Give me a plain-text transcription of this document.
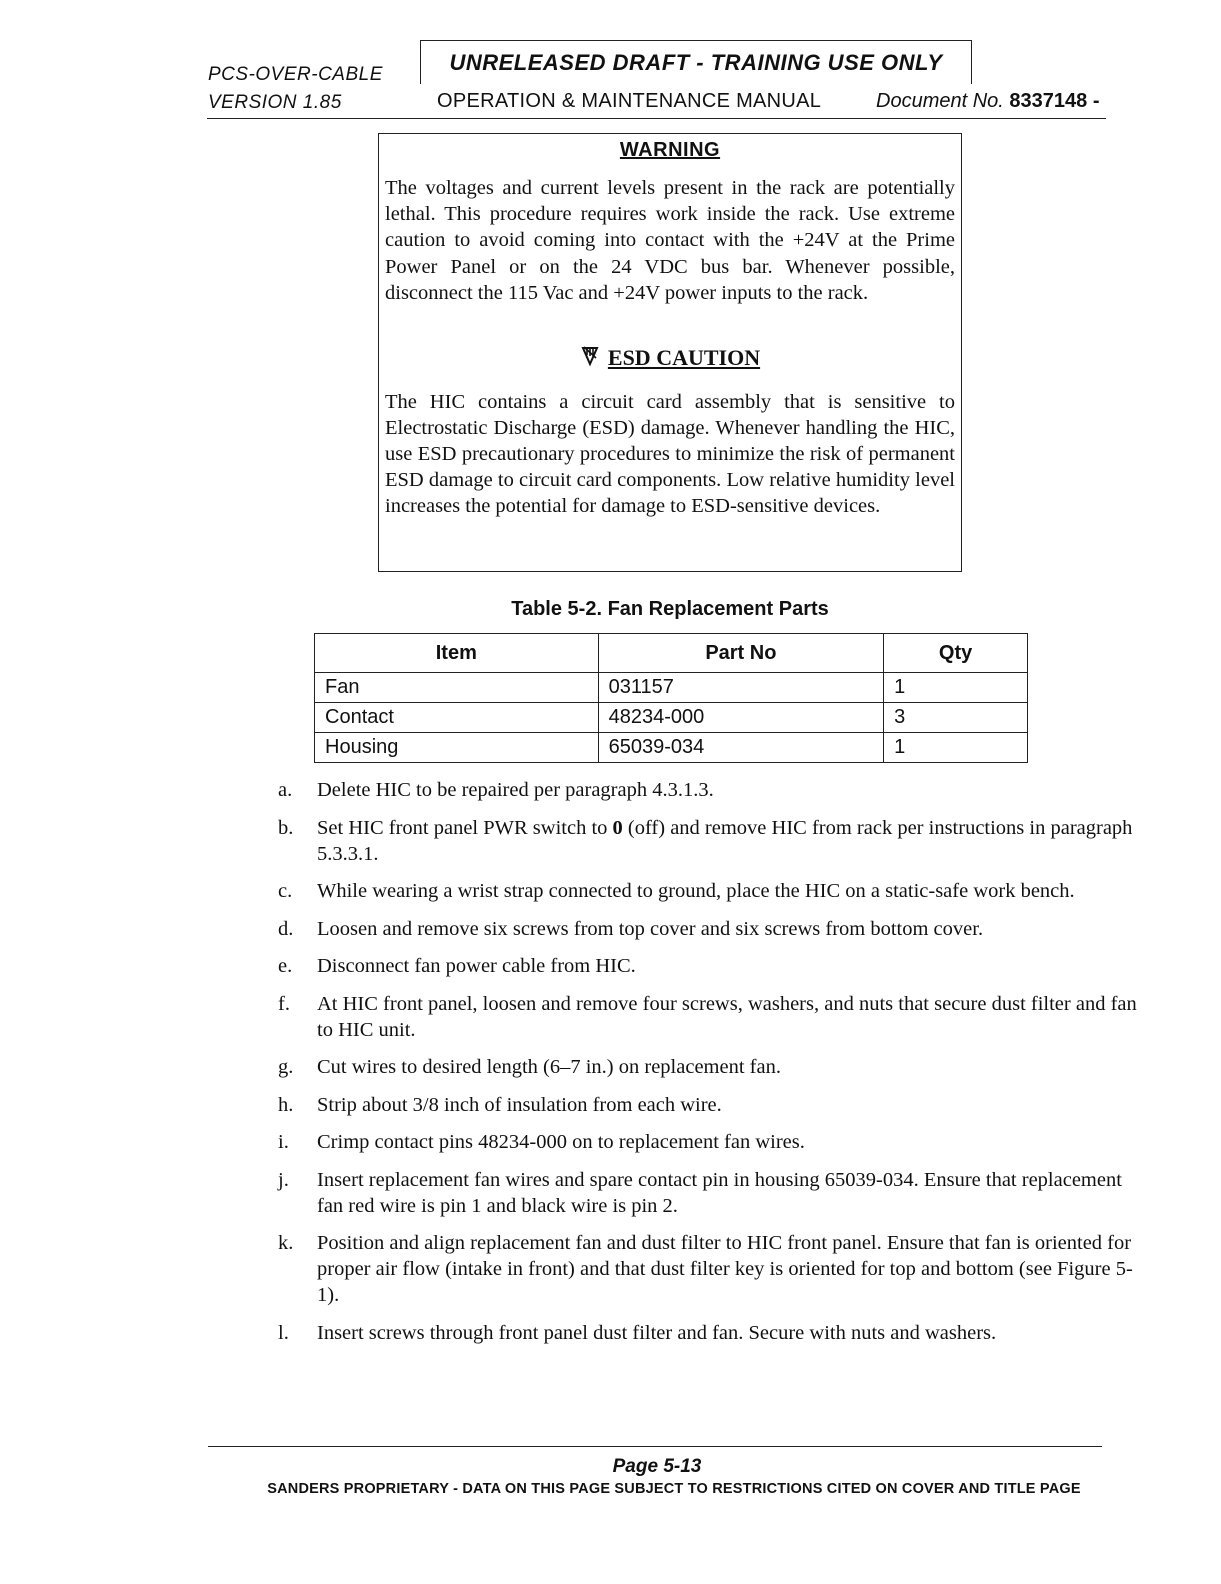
PCS-OVER-CABLE
VERSION 1.85
UNRELEASED DRAFT - TRAINING USE ONLY
OPERATION & MAINTENANCE MANUAL	Document No. 8337148 -
WARNING
ESD CAUTION
The voltages and current levels present in the rack are potentially lethal. This procedure requires work inside the rack. Use extreme caution to avoid coming into contact with the +24V at the Prime Power Panel or on the 24 VDC bus bar. Whenever possible, disconnect the 115 Vac and +24V power inputs to the rack.
The HIC contains a circuit card assembly that is sensitive to Electrostatic Discharge (ESD) damage. Whenever handling the HIC, use ESD precautionary procedures to minimize the risk of permanent ESD damage to circuit card components. Low relative humidity level increases the potential for damage to ESD-sensitive devices.
Table 5-2. Fan Replacement Parts
Item	Part No	Qty
Fan	031157	1
Contact	48234-000	3
Housing	65039-034	1
a. Delete HIC to be repaired per paragraph 4.3.1.3.
b. Set HIC front panel PWR switch to 0 (off) and remove HIC from rack per instructions in paragraph 5.3.3.1.
c. While wearing a wrist strap connected to ground, place the HIC on a static-safe work bench.
d. Loosen and remove six screws from top cover and six screws from bottom cover.
e. Disconnect fan power cable from HIC.
f. At HIC front panel, loosen and remove four screws, washers, and nuts that secure dust filter and fan to HIC unit.
g. Cut wires to desired length (6–7 in.) on replacement fan.
h. Strip about 3/8 inch of insulation from each wire.
i. Crimp contact pins 48234-000 on to replacement fan wires.
j. Insert replacement fan wires and spare contact pin in housing 65039-034. Ensure that replacement fan red wire is pin 1 and black wire is pin 2.
k. Position and align replacement fan and dust filter to HIC front panel. Ensure that fan is oriented for proper air flow (intake in front) and that dust filter key is oriented for top and bottom (see Figure 5-1).
l. Insert screws through front panel dust filter and fan. Secure with nuts and washers.
Page 5-13
SANDERS PROPRIETARY - DATA ON THIS PAGE SUBJECT TO RESTRICTIONS CITED ON COVER AND TITLE PAGE
